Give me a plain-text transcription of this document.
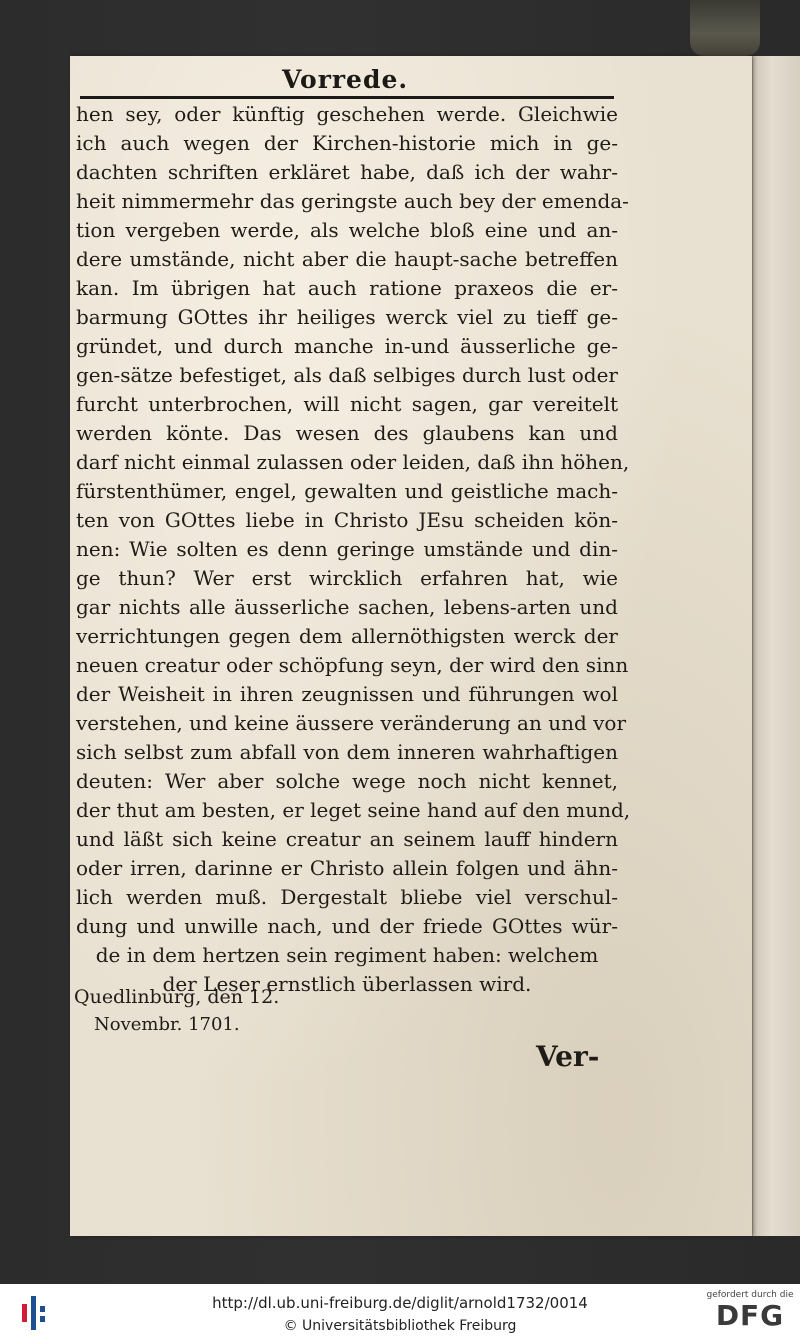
Vorrede.
hen sey, oder künftig geschehen werde. Gleichwie
ich auch wegen der Kirchen-historie mich in ge-
dachten schriften erkläret habe, daß ich der wahr-
heit nimmermehr das geringste auch bey der emenda-
tion vergeben werde, als welche bloß eine und an-
dere umstände, nicht aber die haupt-sache betreffen
kan. Im übrigen hat auch ratione praxeos die er-
barmung GOttes ihr heiliges werck viel zu tieff ge-
gründet, und durch manche in-und äusserliche ge-
gen-sätze befestiget, als daß selbiges durch lust oder
furcht unterbrochen, will nicht sagen, gar vereitelt
werden könte. Das wesen des glaubens kan und
darf nicht einmal zulassen oder leiden, daß ihn höhen,
fürstenthümer, engel, gewalten und geistliche mach-
ten von GOttes liebe in Christo JEsu scheiden kön-
nen: Wie solten es denn geringe umstände und din-
ge thun? Wer erst wircklich erfahren hat, wie
gar nichts alle äusserliche sachen, lebens-arten und
verrichtungen gegen dem allernöthigsten werck der
neuen creatur oder schöpfung seyn, der wird den sinn
der Weisheit in ihren zeugnissen und führungen wol
verstehen, und keine äussere veränderung an und vor
sich selbst zum abfall von dem inneren wahrhaftigen
deuten: Wer aber solche wege noch nicht kennet,
der thut am besten, er leget seine hand auf den mund,
und läßt sich keine creatur an seinem lauff hindern
oder irren, darinne er Christo allein folgen und ähn-
lich werden muß. Dergestalt bliebe viel verschul-
dung und unwille nach, und der friede GOttes wür-
de in dem hertzen sein regiment haben: welchem
der Leser ernstlich überlassen wird.
Quedlinburg, den 12.
Novembr. 1701.
Ver-
http://dl.ub.uni-freiburg.de/diglit/arnold1732/0014
© Universitätsbibliothek Freiburg
gefordert durch die
DFG
